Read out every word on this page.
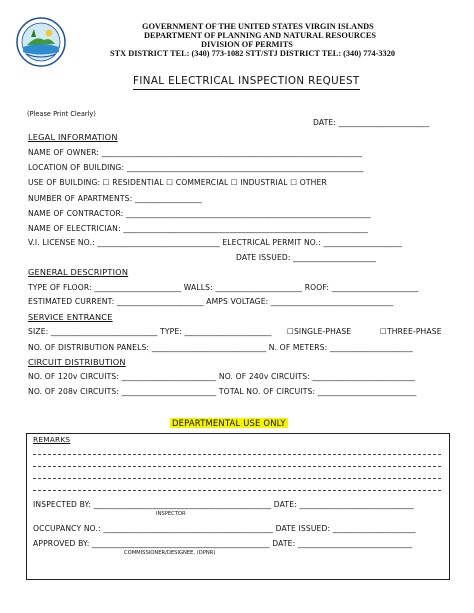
GOVERNMENT OF THE UNITED STATES VIRGIN ISLANDS
DEPARTMENT OF PLANNING AND NATURAL RESOURCES
DIVISION OF PERMITS
STX DISTRICT TEL: (340) 773-1082 STT/STJ DISTRICT TEL: (340) 774-3320
FINAL ELECTRICAL INSPECTION REQUEST
(Please Print Clearly)
DATE: _______________________
LEGAL INFORMATION
NAME OF OWNER: __________________________________________________________________
LOCATION OF BUILDING: ____________________________________________________________
USE OF BUILDING: ☐ RESIDENTIAL ☐ COMMERCIAL ☐ INDUSTRIAL ☐ OTHER
NUMBER OF APARTMENTS: _________________
NAME OF CONTRACTOR: ______________________________________________________________
NAME OF ELECTRICIAN: ______________________________________________________________
V.I. LICENSE NO.: _______________________________ ELECTRICAL PERMIT NO.: ____________________
DATE ISSUED: _____________________
GENERAL DESCRIPTION
TYPE OF FLOOR: ______________________ WALLS: ______________________ ROOF: ______________________
ESTIMATED CURRENT: ______________________ AMPS VOLTAGE: _______________________________
SERVICE ENTRANCE
SIZE: ___________________________ TYPE: ______________________ ☐SINGLE-PHASE	☐THREE-PHASE
NO. OF DISTRIBUTION PANELS: _____________________________ N. OF METERS: _____________________
CIRCUIT DISTRIBUTION
NO. OF 120v CIRCUITS: ________________________ NO. OF 240v CIRCUITS: __________________________
NO. OF 208v CIRCUITS: ________________________ TOTAL NO. OF CIRCUITS: _________________________
DEPARTMENTAL USE ONLY
REMARKS
INSPECTED BY: _____________________________________________ DATE: _____________________________
INSPECTOR
OCCUPANCY NO.: ___________________________________________ DATE ISSUED: _____________________
APPROVED BY: _____________________________________________ DATE: _____________________________
COMMISSIONER/DESIGNEE, (DPNR)
